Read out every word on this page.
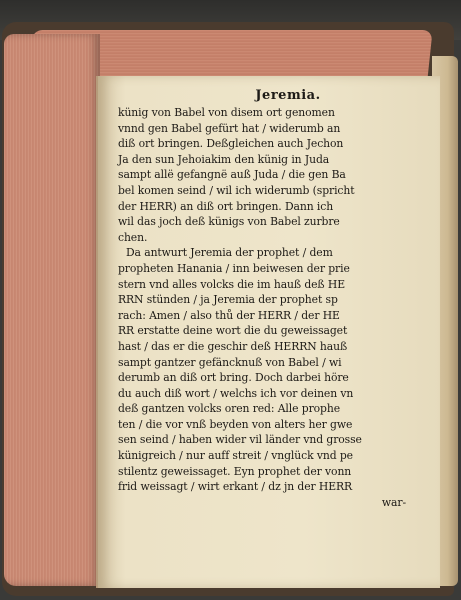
Jeremia.
künig von Babel von disem ort genomen
vnnd gen Babel gefürt hat / widerumb an
diß ort bringen. Deßgleichen auch Jechon
Ja den sun Jehoiakim den künig in Juda
sampt allë gefangnë auß Juda / die gen Ba
bel komen seind / wil ich widerumb (spricht
der HERR) an diß ort bringen. Dann ich
wil das joch deß künigs von Babel zurbre
chen.
Da antwurt Jeremia der prophet / dem
propheten Hanania / inn beiwesen der prie
stern vnd alles volcks die im hauß deß HE
RRN stünden / ja Jeremia der prophet sp
rach: Amen / also thů der HERR / der HE
RR erstatte deine wort die du geweissaget
hast / das er die geschir deß HERRN hauß
sampt gantzer gefäncknuß von Babel / wi
derumb an diß ort bring. Doch darbei höre
du auch diß wort / welchs ich vor deinen vn
deß gantzen volcks oren red: Alle prophe
ten / die vor vnß beyden von alters her gwe
sen seind / haben wider vil länder vnd grosse
künigreich / nur auff streit / vnglück vnd pe
stilentz geweissaget. Eyn prophet der vonn
frid weissagt / wirt erkant / dz jn der HERR
war-
